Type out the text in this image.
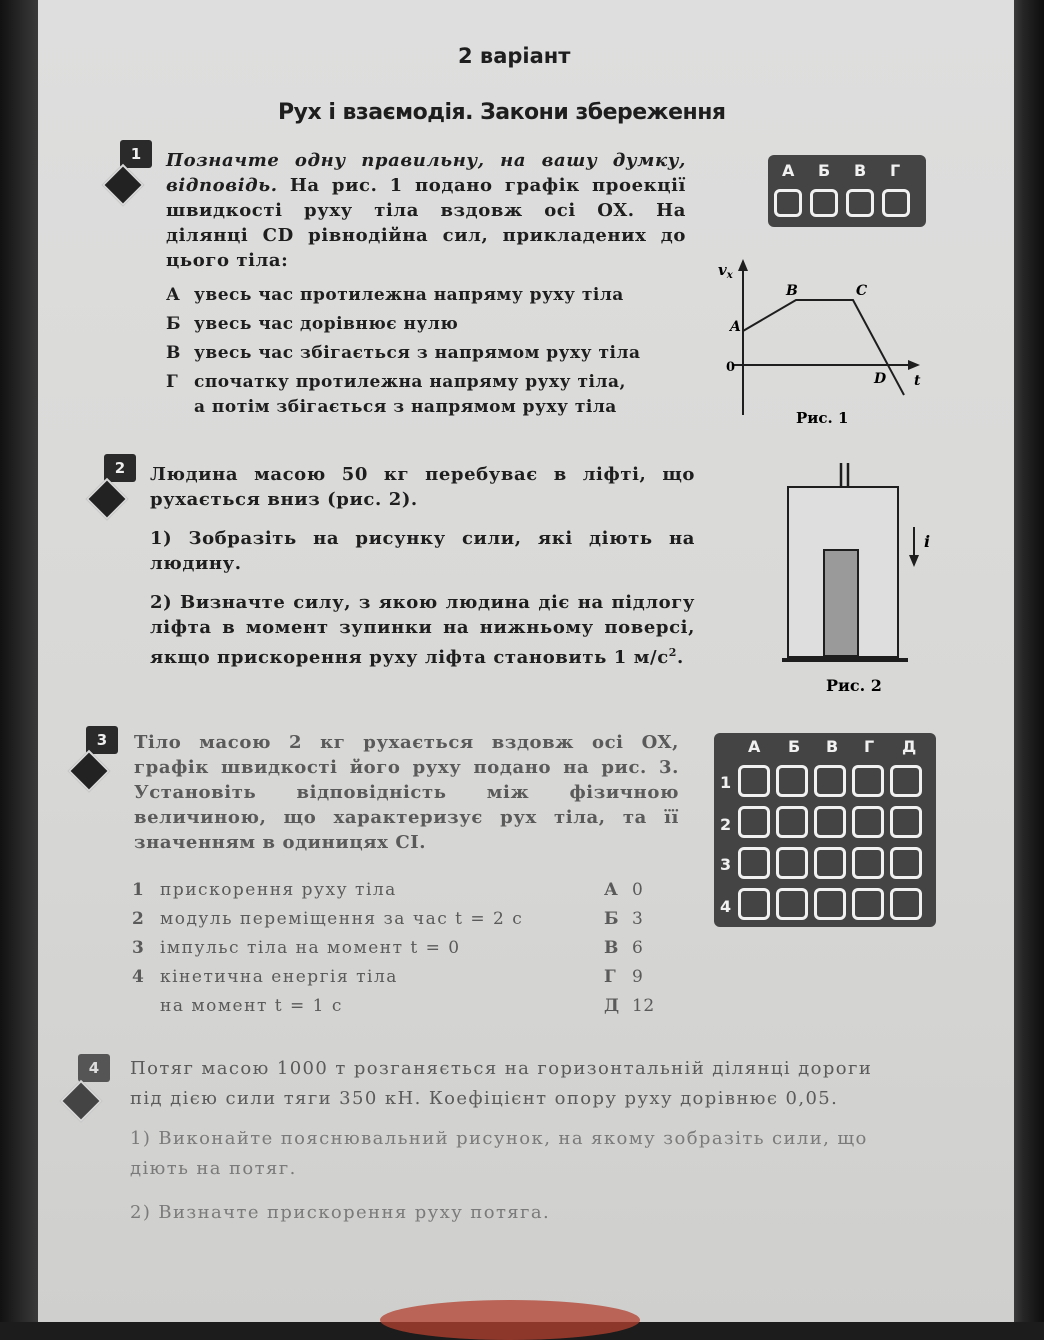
2 варіант
Рух і взаємодія. Закони збереження
1	Позначте одну правильну, на вашу думку, відповідь. На рис. 1 подано графік проекції швидкості руху тіла вздовж осі OX. На ділянці CD рівнодійна сил, прикладених до цього тіла:
А увесь час протилежна напряму руху тіла
Б увесь час дорівнює нулю
В увесь час збігається з напрямом руху тіла
Г спочатку протилежна напряму руху тіла,
а потім збігається з напрямом руху тіла
А Б В Г
$v_x$
0
A
B	C
D t
Рис. 1
2	Людина масою 50 кг перебуває в ліфті, що рухається вниз (рис. 2).
1) Зобразіть на рисунку сили, які діють на людину.
2) Визначте силу, з якою людина діє на підлогу ліфта в момент зупинки на нижньому поверсі, якщо прискорення руху ліфта становить 1 $м/с^2$.
i
Рис. 2
3	Тіло масою 2 кг рухається вздовж осі OX, графік швидкості його руху подано на рис. 3. Установіть відповідність між фізичною величиною, що характеризує рух тіла, та її значенням в одиницях СІ.
1 прискорення руху тіла
2 модуль переміщення за час t = 2 с
3 імпульс тіла на момент t = 0
4 кінетична енергія тіла
на момент t = 1 с
А 0
Б 3
В 6
Г 9
Д 12
А Б В Г Д
1
2
3
4
4	Потяг масою 1000 т розганяється на горизонтальній ділянці дороги
під дією сили тяги 350 кН. Коефіцієнт опору руху дорівнює 0,05.
1) Виконайте пояснювальний рисунок, на якому зобразіть сили, що
діють на потяг.
2) Визначте прискорення руху потяга.
